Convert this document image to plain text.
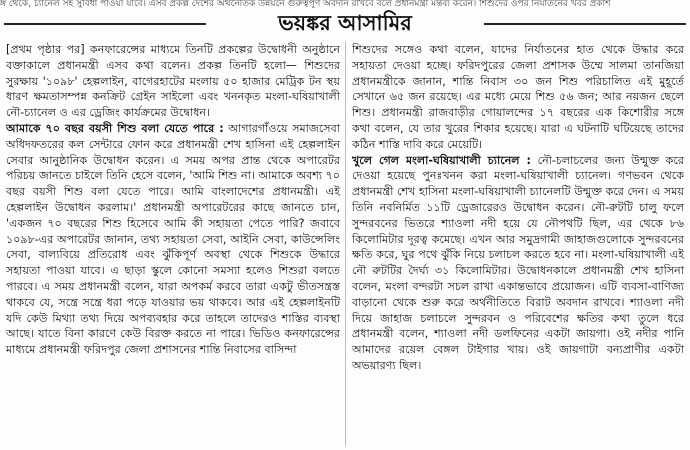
ঙ্গ থেকে, চ্যানেল সহ সুবিধা পাওয়া যাবে। এসব প্রকল্প দেশের অর্থনৈতিক উন্নয়নে গুরুত্বপূর্ণ অবদান রাখবে বলে প্রধানমন্ত্রী মন্তব্য করেন। শিশুদের ওপর নির্যাতনের খবর প্রকাশ
ভয়ঙ্কর আসামির

[প্রথম পৃষ্ঠার পর] কনফারেন্সের মাধ্যমে তিনটি প্রকল্পের উদ্বোধনী অনুষ্ঠানে বক্তাকালে প্রধানমন্ত্রী এসব কথা বলেন। প্রকল্প তিনটি হলো— শিশুদের সুরক্ষায় '১০৯৮' হেল্পলাইন, বাগেরহাটের মংলায় ৫০ হাজার মেট্রিক টন স্থয় ধারণ ক্ষমতাসম্পন্ন কনক্রিট গ্রেইন সাইলো এবং খননকৃত মংলা-ঘষিয়াখালী নৌ-চ্যানেল ও এর ড্রেজিং কার্যক্রমের উদ্বোধন।

আমাকে ৭০ বছর বয়সী শিশু বলা যেতে পারে : আগারগাঁওয়ে সমাজসেবা অধিদফতরের কল সেন্টারে ফোন করে প্রধানমন্ত্রী শেখ হাসিনা এই হেল্পলাইন সেবার আনুষ্ঠানিক উদ্বোধন করেন। এ সময় অপর প্রান্ত থেকে অপারেটর পরিচয় জানতে চাইলে তিনি হেসে বলেন, 'আমি শিশু না। আমাকে অবশ্য ৭০ বছর বয়সী শিশু বলা যেতে পারে। আমি বাংলাদেশের প্রধানমন্ত্রী। এই হেল্পলাইন উদ্বোধন করলাম।' প্রধানমন্ত্রী অপারেটরের কাছে জানতে চান, 'একজন ৭০ বছরের শিশু হিসেবে আমি কী সহায়তা পেতে পারি? জবাবে ১০৯৮-এর অপারেটর জানান, তথ্য সহায়তা সেবা, আইনি সেবা, কাউন্সেলিং সেবা, বাল্যবিয়ে প্রতিরোধ এবং ঝুঁকিপূর্ণ অবস্থা থেকে শিশুকে উদ্ধারে সহায়তা পাওয়া যাবে। এ ছাড়া স্কুলে কোনো সমস্যা হলেও শিশুরা বলতে পারবে। এ সময় প্রধানমন্ত্রী বলেন, যারা অপকর্ম করবে তারা একটু ভীতসন্ত্রস্ত থাকবে যে, সন্ত্রে সন্ত্রে ধরা পড়ে যাওয়ার ভয় থাকবে। আর এই হেল্পলাইনটি যদি কেউ মিথ্যা তথ্য দিয়ে অপব্যবহার করে তাহলে তাদেরও শাস্তির ব্যবস্থা আছে। যাতে বিনা কারণে কেউ বিরক্ত করতে না পারে। ভিডিও কনফারেন্সের মাধ্যমে প্রধানমন্ত্রী ফরিদপুর জেলা প্রশাসনের শান্তি নিবাসের বাসিন্দা

শিশুদের সঙ্গেও কথা বলেন, যাদের নির্যাতনের হাত থেকে উদ্ধার করে সহায়তা দেওয়া হচ্ছে। ফরিদপুরের জেলা প্রশাসক উম্মে সালমা তানজিয়া প্রধানমন্ত্রীকে জানান, শান্তি নিবাস ৩০ জন শিশু পরিচালিত এই মুহূর্তে সেখানে ৬৫ জন রয়েছে। এর মধ্যে মেয়ে শিশু ৫৬ জন; আর নয়জন ছেলে শিশু। প্রধানমন্ত্রী রাজবাড়ীর গোয়ালন্দের ১৭ বছরের এক কিশোরীর সঙ্গে কথা বলেন, যে তার খুরের শিকার হয়েছে। যারা এ ঘটনাটি ঘটিয়েছে তাদের কঠিন শাস্তি দাবি করে মেয়েটি।

খুলে গেল মংলা-ঘষিয়াখালী চ্যানেল : নৌ-চলাচলের জন্য উন্মুক্ত করে দেওয়া হয়েছে পুনঃখনন করা মংলা-ঘষিয়াখালী চ্যানেল। গণভবন থেকে প্রধানমন্ত্রী শেখ হাসিনা মংলা-ঘষিয়াখালী চ্যানেলটি উন্মুক্ত করে দেন। এ সময় তিনি নবনির্মিত ১১টি ড্রেজারেরও উদ্বোধন করেন। নৌ-রুটটি চালু ফলে সুন্দরবনের ভিতরে শ্যাওলা নদী হয়ে যে নৌপথটি ছিল, এর থেকে ৮৬ কিলোমিটার দূরত্ব কমেছে। এখন আর সমুদ্রগামী জাহাজগুলোকে সুন্দরবনের ক্ষতি করে, ঘুর পথে ঝুঁকি নিয়ে চলাচল করতে হবে না। মংলা-ঘষিয়াখালী এই নৌ রুটটির দৈর্ঘ্য ৩১ কিলোমিটার। উদ্বোধনকালে প্রধানমন্ত্রী শেখ হাসিনা বলেন, মংলা বন্দরটা সচল রাখা একান্তভাবে প্রয়োজন। এটি ব্যবসা-বাণিজ্য বাড়ানো থেকে শুরু করে অর্থনীতিতে বিরাট অবদান রাখবে। শ্যাওলা নদী দিয়ে জাহাজ চলাচলে সুন্দরবন ও পরিবেশের ক্ষতির কথা তুলে ধরে প্রধানমন্ত্রী বলেন, শ্যাওলা নদী ডলফিনের একটা জায়গা। ওই নদীর পানি আমাদের রয়েল বেঙ্গল টাইগার খায়। ওই জায়গাটা বন্যপ্রাণীর একটা অভয়ারণ্য ছিল।
